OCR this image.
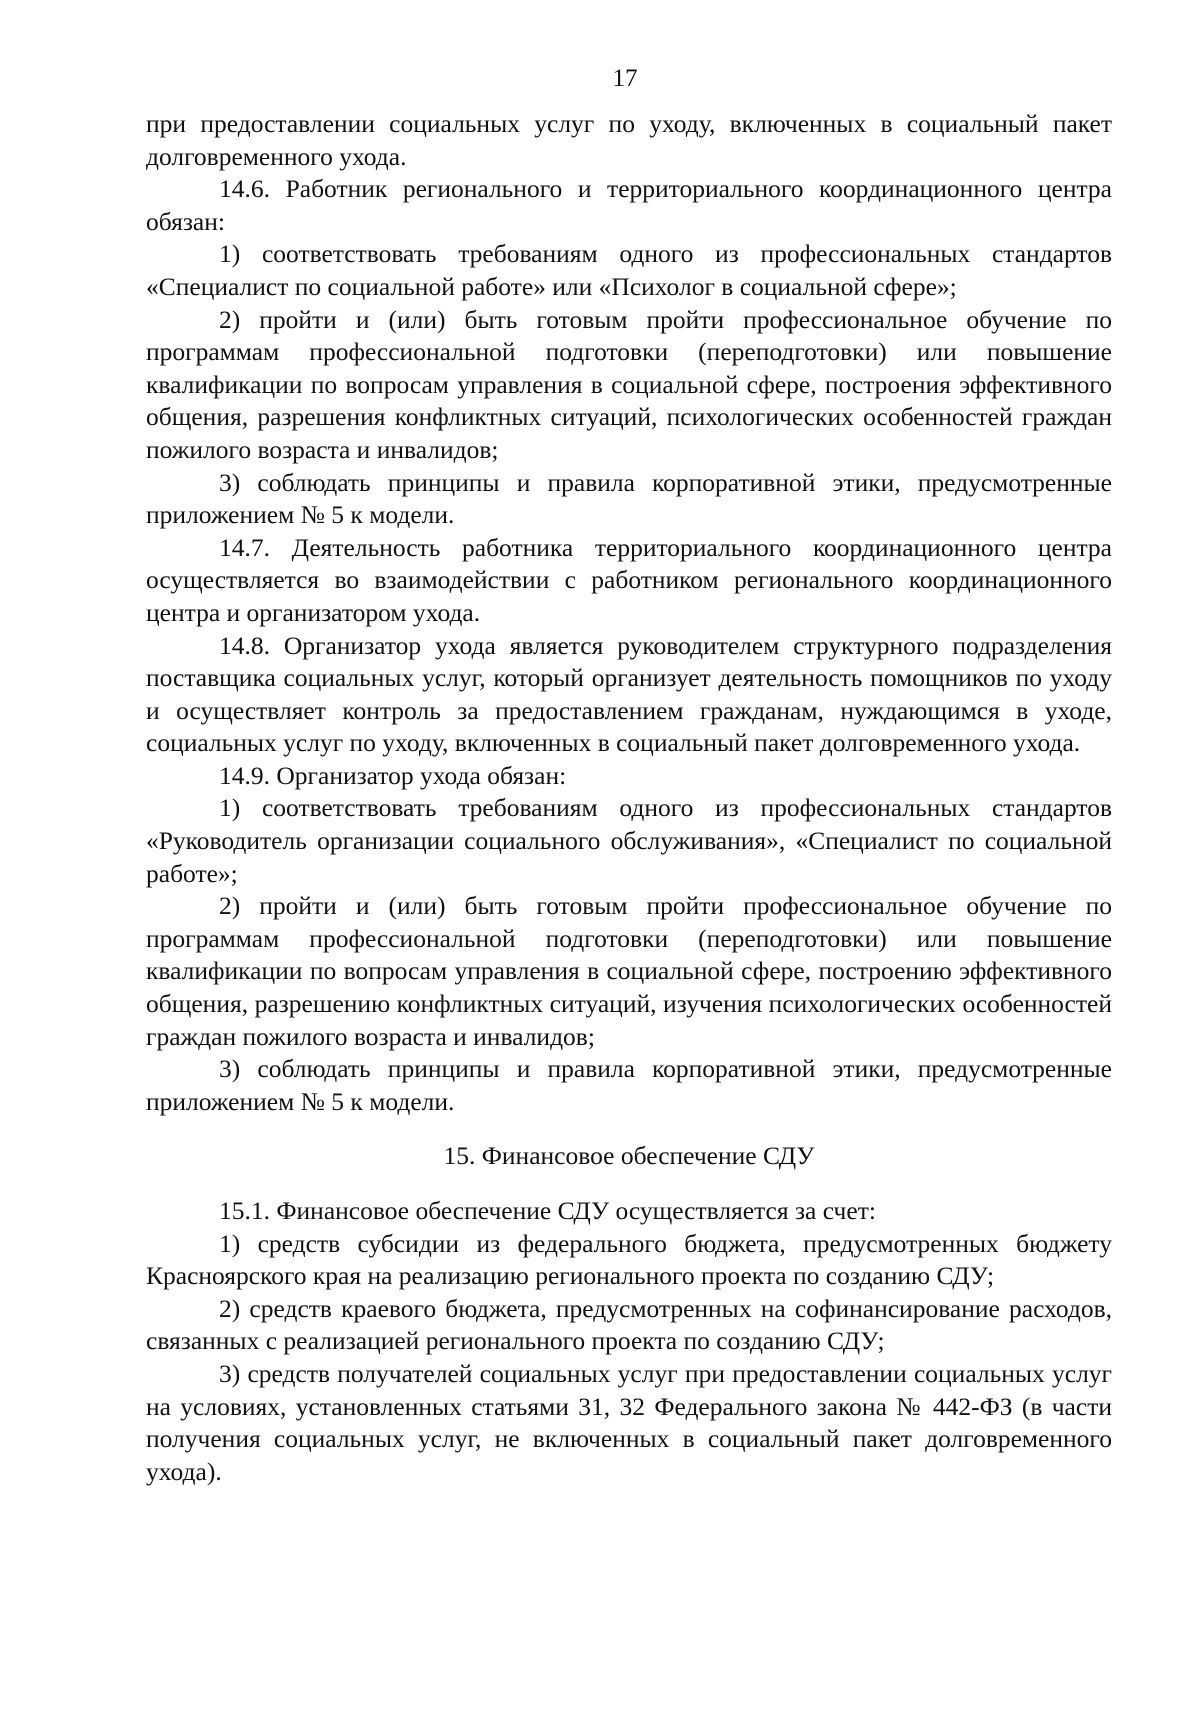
17

при предоставлении социальных услуг по уходу, включенных в социальный пакет долговременного ухода.

14.6. Работник регионального и территориального координационного центра обязан:

1) соответствовать требованиям одного из профессиональных стандартов «Специалист по социальной работе» или «Психолог в социальной сфере»;

2) пройти и (или) быть готовым пройти профессиональное обучение по программам профессиональной подготовки (переподготовки) или повышение квалификации по вопросам управления в социальной сфере, построения эффективного общения, разрешения конфликтных ситуаций, психологических особенностей граждан пожилого возраста и инвалидов;

3) соблюдать принципы и правила корпоративной этики, предусмотренные приложением № 5 к модели.

14.7. Деятельность работника территориального координационного центра осуществляется во взаимодействии с работником регионального координационного центра и организатором ухода.

14.8. Организатор ухода является руководителем структурного подразделения поставщика социальных услуг, который организует деятельность помощников по уходу и осуществляет контроль за предоставлением гражданам, нуждающимся в уходе, социальных услуг по уходу, включенных в социальный пакет долговременного ухода.

14.9. Организатор ухода обязан:

1) соответствовать требованиям одного из профессиональных стандартов «Руководитель организации социального обслуживания», «Специалист по социальной работе»;

2) пройти и (или) быть готовым пройти профессиональное обучение по программам профессиональной подготовки (переподготовки) или повышение квалификации по вопросам управления в социальной сфере, построению эффективного общения, разрешению конфликтных ситуаций, изучения психологических особенностей граждан пожилого возраста и инвалидов;

3) соблюдать принципы и правила корпоративной этики, предусмотренные приложением № 5 к модели.

15. Финансовое обеспечение СДУ

15.1. Финансовое обеспечение СДУ осуществляется за счет:

1) средств субсидии из федерального бюджета, предусмотренных бюджету Красноярского края на реализацию регионального проекта по созданию СДУ;

2) средств краевого бюджета, предусмотренных на софинансирование расходов, связанных с реализацией регионального проекта по созданию СДУ;

3) средств получателей социальных услуг при предоставлении социальных услуг на условиях, установленных статьями 31, 32 Федерального закона № 442-ФЗ (в части получения социальных услуг, не включенных в социальный пакет долговременного ухода).
